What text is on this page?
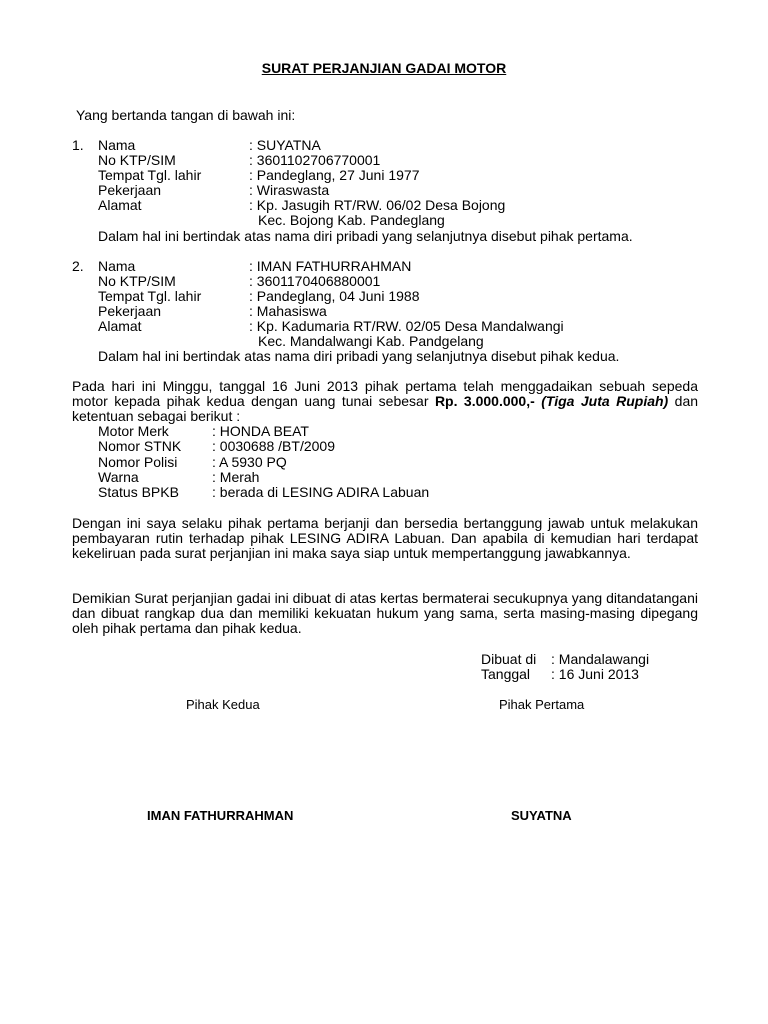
SURAT PERJANJIAN GADAI MOTOR
Yang bertanda tangan di bawah ini:
1. Nama
No KTP/SIM
Tempat Tgl. lahir
Pekerjaan
Alamat
: SUYATNA
: 3601102706770001
: Pandeglang, 27 Juni 1977
: Wiraswasta
: Kp. Jasugih RT/RW. 06/02 Desa Bojong
Kec. Bojong Kab. Pandeglang
Dalam hal ini bertindak atas nama diri pribadi yang selanjutnya disebut pihak pertama.
2. Nama
No KTP/SIM
Tempat Tgl. lahir
Pekerjaan
Alamat
: IMAN FATHURRAHMAN
: 3601170406880001
: Pandeglang, 04 Juni 1988
: Mahasiswa
: Kp. Kadumaria RT/RW. 02/05 Desa Mandalwangi
Kec. Mandalwangi Kab. Pandgelang
Dalam hal ini bertindak atas nama diri pribadi yang selanjutnya disebut pihak kedua.
Pada hari ini Minggu, tanggal 16 Juni 2013 pihak pertama telah menggadaikan sebuah sepeda motor kepada pihak kedua dengan uang tunai sebesar Rp. 3.000.000,- (Tiga Juta Rupiah) dan ketentuan sebagai berikut :
Motor Merk
Nomor STNK
Nomor Polisi
Warna
Status BPKB
: HONDA BEAT
: 0030688 /BT/2009
: A 5930 PQ
: Merah
: berada di LESING ADIRA Labuan
Dengan ini saya selaku pihak pertama berjanji dan bersedia bertanggung jawab untuk melakukan pembayaran rutin terhadap pihak LESING ADIRA Labuan. Dan apabila di kemudian hari terdapat kekeliruan pada surat perjanjian ini maka saya siap untuk mempertanggung jawabkannya.
Demikian Surat perjanjian gadai ini dibuat di atas kertas bermaterai secukupnya yang ditandatangani dan dibuat rangkap dua dan memiliki kekuatan hukum yang sama, serta masing-masing dipegang oleh pihak pertama dan pihak kedua.
Dibuat di : Mandalawangi
Tanggal : 16 Juni 2013
Pihak Kedua	Pihak Pertama
IMAN FATHURRAHMAN	SUYATNA
